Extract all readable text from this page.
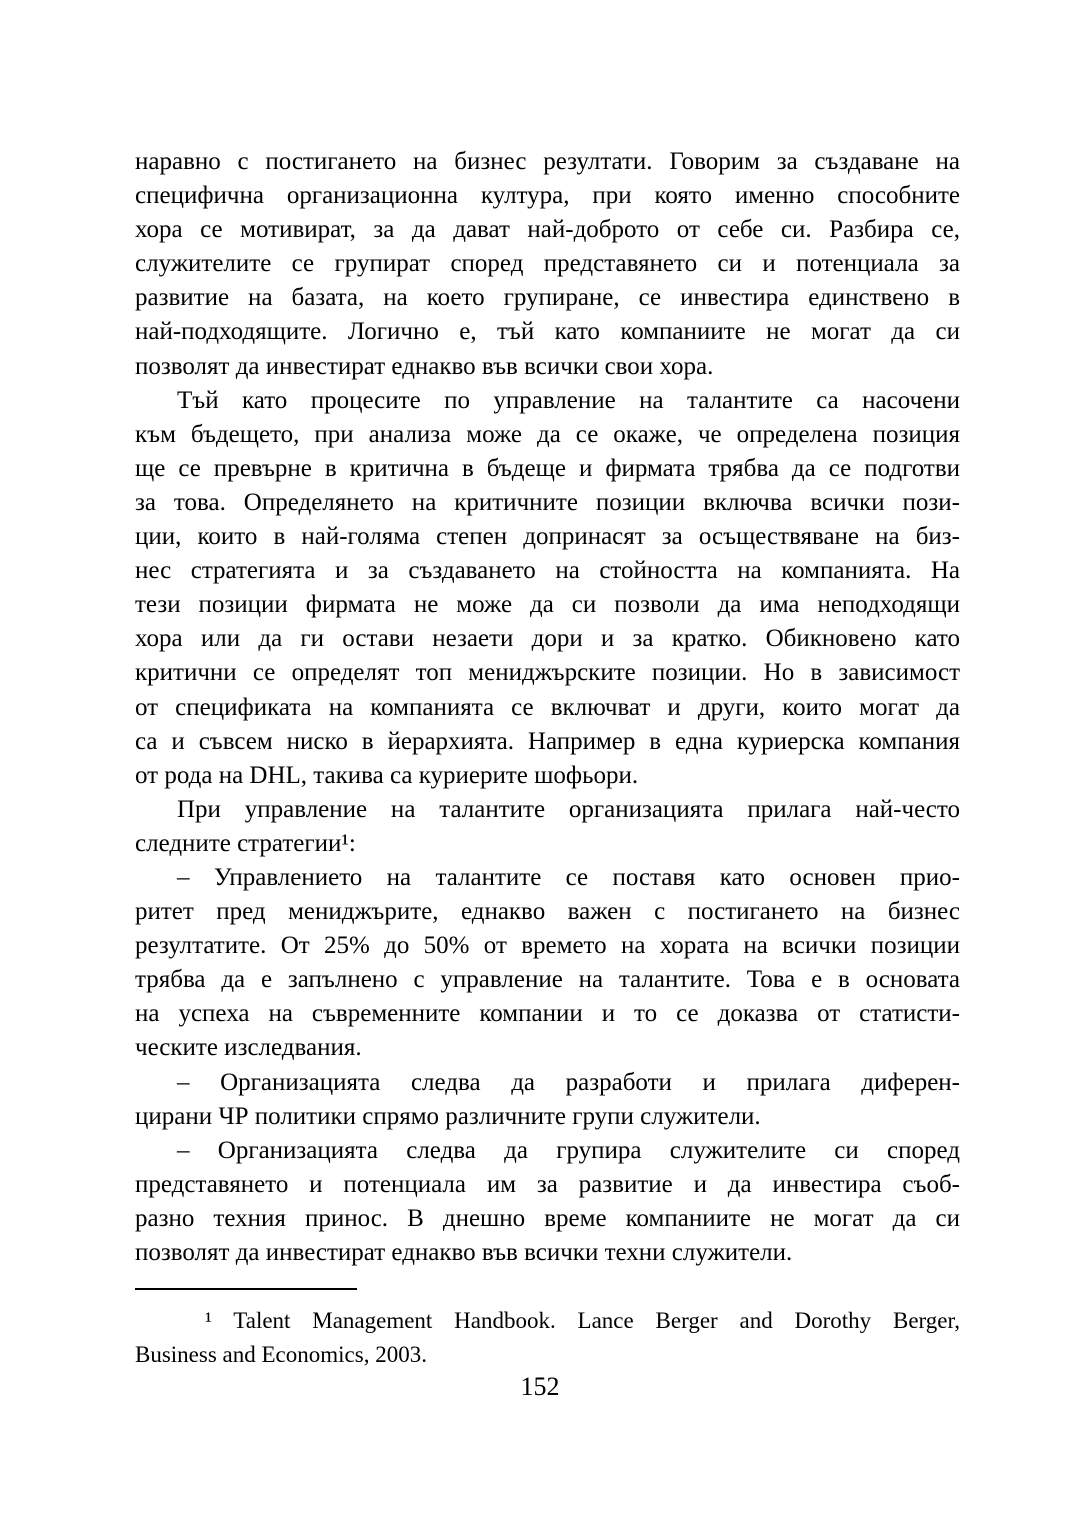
наравно с постигането на бизнес резултати. Говорим за създаване на
специфична организационна култура, при която именно способните
хора се мотивират, за да дават най-доброто от себе си. Разбира се,
служителите се групират според представянето си и потенциала за
развитие на базата, на което групиране, се инвестира единствено в
най-подходящите. Логично е, тъй като компаниите не могат да си
позволят да инвестират еднакво във всички свои хора.

Тъй като процесите по управление на талантите са насочени
към бъдещето, при анализа може да се окаже, че определена позиция
ще се превърне в критична в бъдеще и фирмата трябва да се подготви
за това. Определянето на критичните позиции включва всички пози-
ции, които в най-голяма степен допринасят за осъществяване на биз-
нес стратегията и за създаването на стойността на компанията. На
тези позиции фирмата не може да си позволи да има неподходящи
хора или да ги остави незаети дори и за кратко. Обикновено като
критични се определят топ мениджърските позиции. Но в зависимост
от спецификата на компанията се включват и други, които могат да
са и съвсем ниско в йерархията. Например в една куриерска компания
от рода на DHL, такива са куриерите шофьори.

При управление на талантите организацията прилага най-често
следните стратегии¹:

– Управлението на талантите се поставя като основен прио-
ритет пред мениджърите, еднакво важен с постигането на бизнес
резултатите. От 25% до 50% от времето на хората на всички позиции
трябва да е запълнено с управление на талантите. Това е в основата
на успеха на съвременните компании и то се доказва от статисти-
ческите изследвания.

– Организацията следва да разработи и прилага диферен-
цирани ЧР политики спрямо различните групи служители.

– Организацията следва да групира служителите си според
представянето и потенциала им за развитие и да инвестира съоб-
разно техния принос. В днешно време компаниите не могат да си
позволят да инвестират еднакво във всички техни служители.

¹ Talent Management Handbook. Lance Berger and Dorothy Berger,
Business and Economics, 2003.
152
